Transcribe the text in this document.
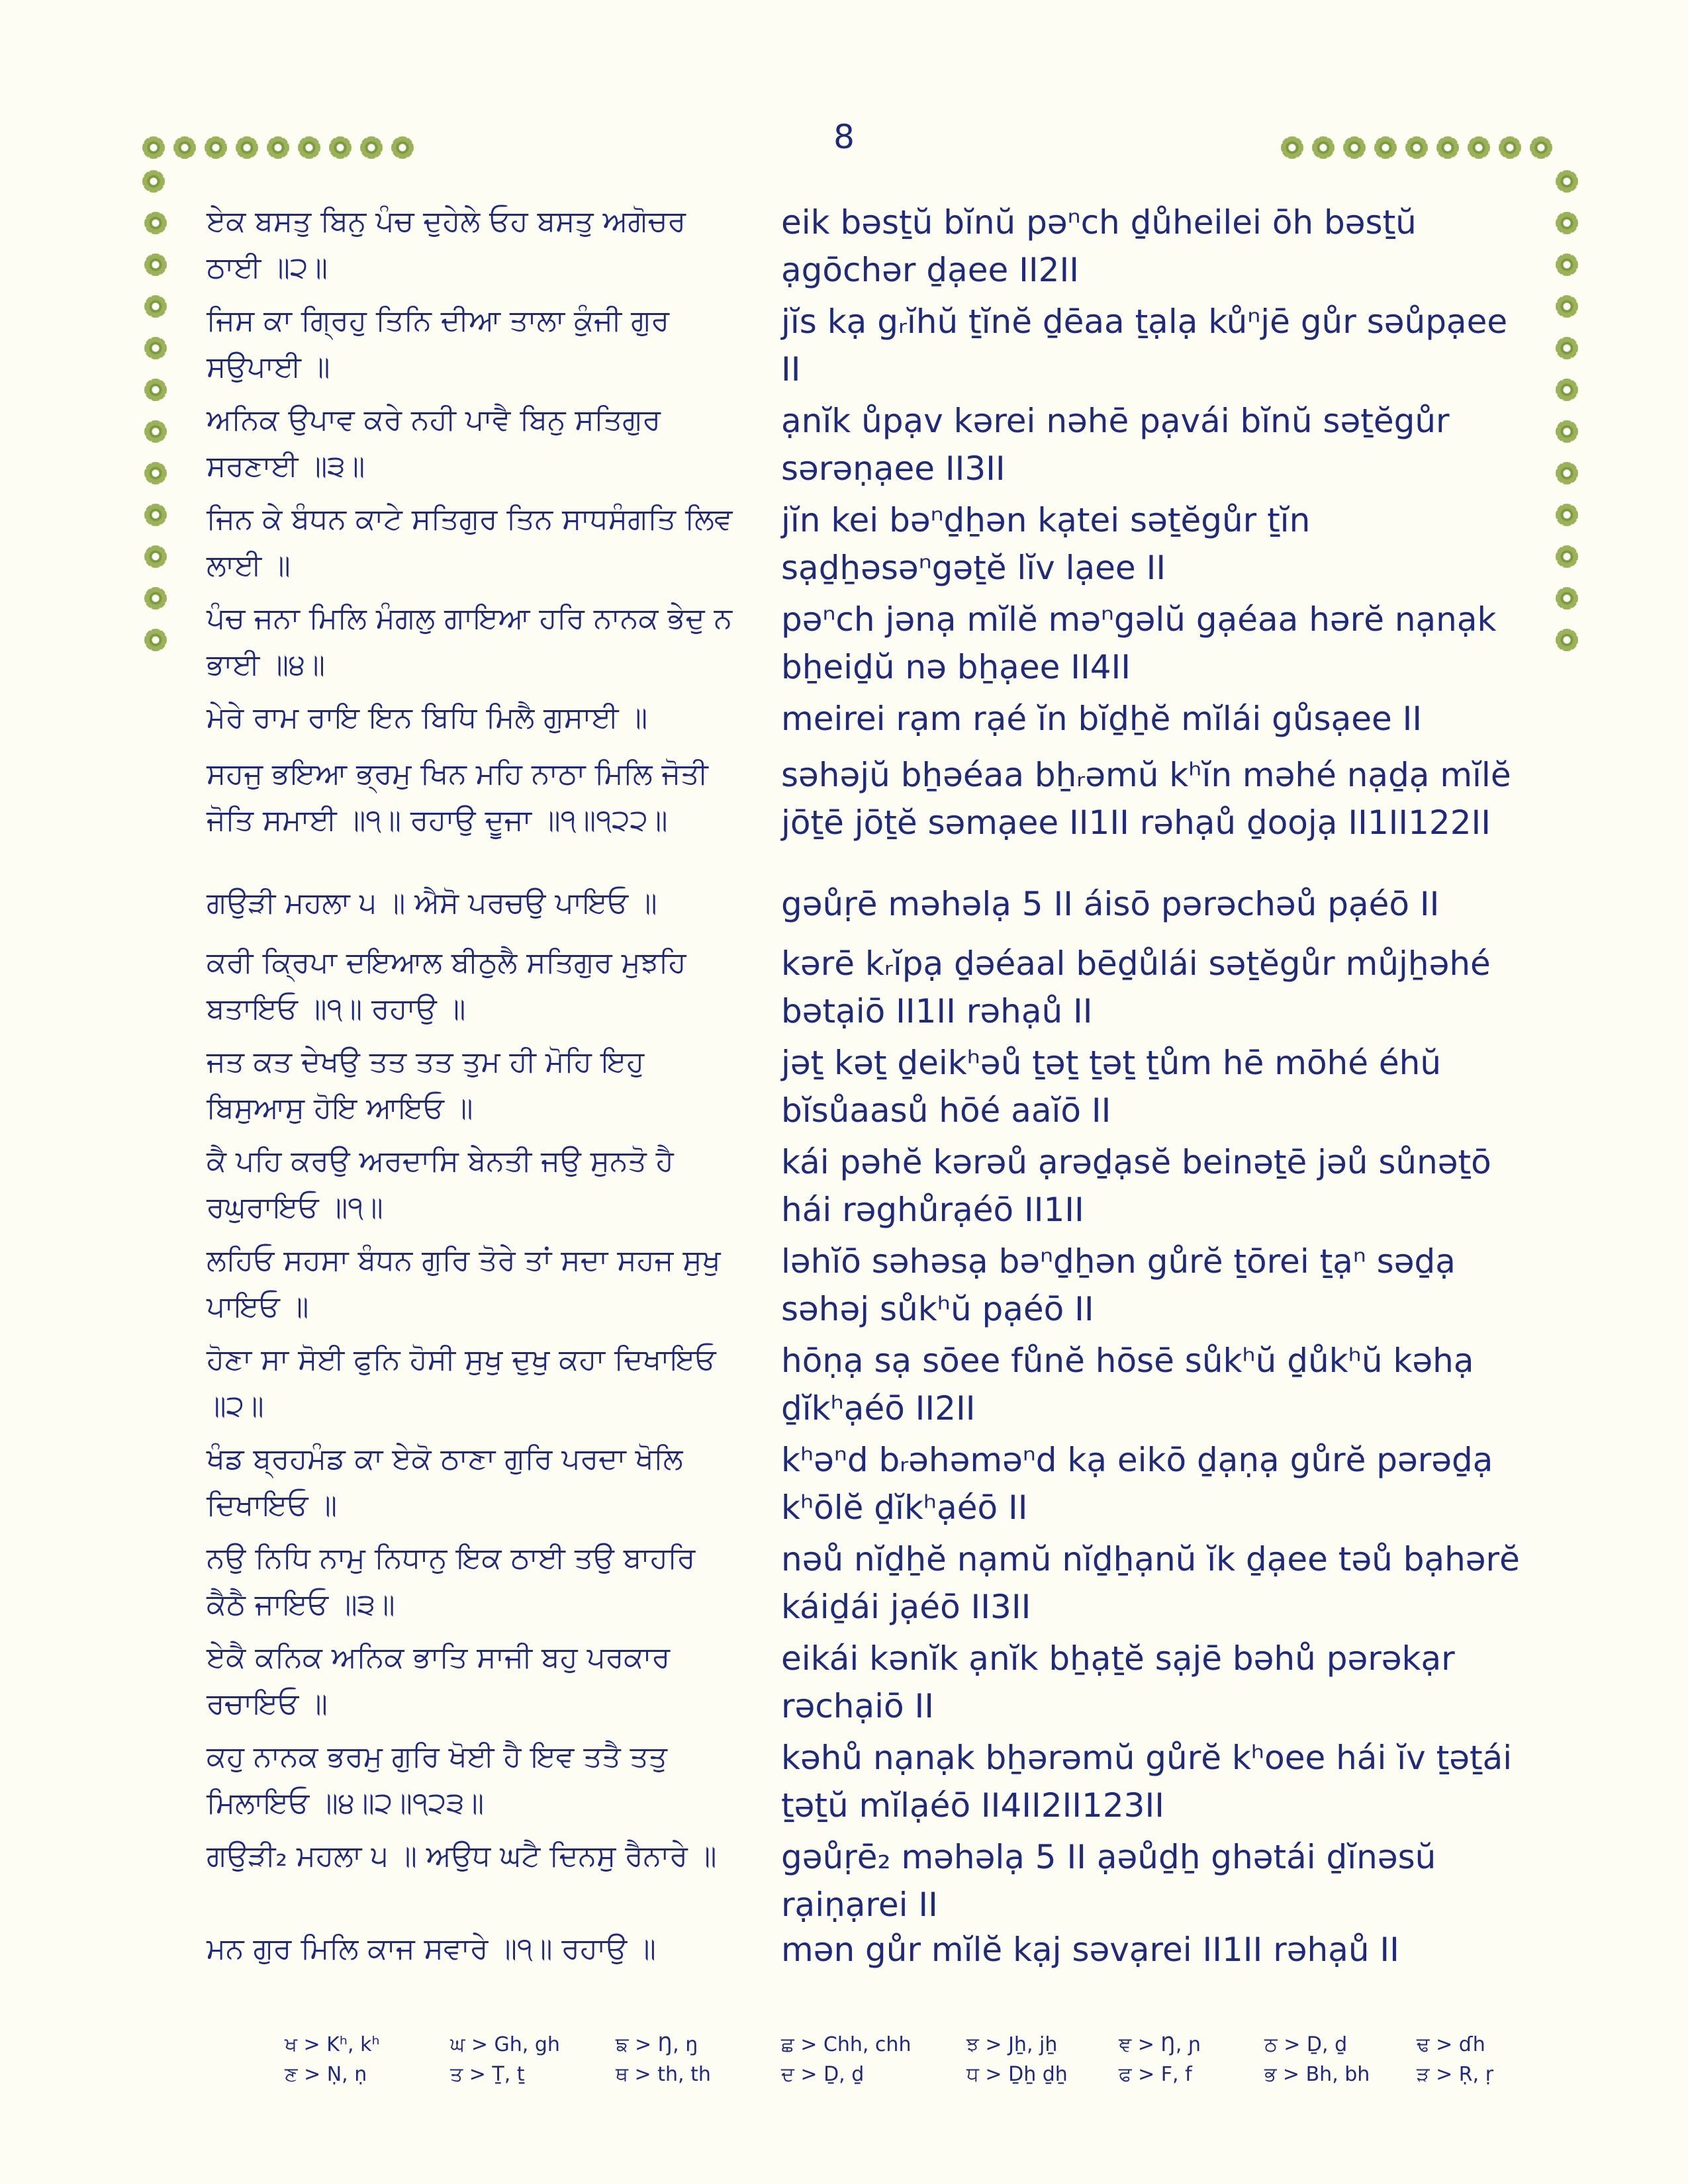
8
ਏਕ ਬਸਤੁ ਬਿਨੁ ਪੰਚ ਦੁਹੇਲੇ ਓਹ ਬਸਤੁ ਅਗੋਚਰ
ਠਾਈ ॥੨॥
eik bəsṯŭ bĭnŭ pəⁿch ḏůheilei ōh bəsṯŭ
ạgōchər ḏạee II2II
ਜਿਸ ਕਾ ਗ੍ਰਿਹੁ ਤਿਨਿ ਦੀਆ ਤਾਲਾ ਕੁੰਜੀ ਗੁਰ
ਸਉਪਾਈ ॥
jĭs kạ gᵣĭhŭ ṯĭnĕ ḏēaa ṯạlạ kůⁿjē gůr səůpạee
II
ਅਨਿਕ ਉਪਾਵ ਕਰੇ ਨਹੀ ਪਾਵੈ ਬਿਨੁ ਸਤਿਗੁਰ
ਸਰਣਾਈ ॥੩॥
ạnĭk ůpạv kərei nəhē pạvái bĭnŭ səṯĕgůr
sərəṇạee II3II
ਜਿਨ ਕੇ ਬੰਧਨ ਕਾਟੇ ਸਤਿਗੁਰ ਤਿਨ ਸਾਧਸੰਗਤਿ ਲਿਵ
ਲਾਈ ॥
jĭn kei bəⁿḏẖən kạtei səṯĕgůr ṯĭn
sạḏẖəsəⁿgəṯĕ lĭv lạee II
ਪੰਚ ਜਨਾ ਮਿਲਿ ਮੰਗਲੁ ਗਾਇਆ ਹਰਿ ਨਾਨਕ ਭੇਦੁ ਨ
ਭਾਈ ॥੪॥
pəⁿch jənạ mĭlĕ məⁿgəlŭ gạéaa hərĕ nạnạk
bẖeiḏŭ nə bẖạee II4II
ਮੇਰੇ ਰਾਮ ਰਾਇ ਇਨ ਬਿਧਿ ਮਿਲੈ ਗੁਸਾਈ ॥	meirei rạm rạé ĭn bĭḏẖĕ mĭlái gůsạee II
ਸਹਜੁ ਭਇਆ ਭ੍ਰਮੁ ਖਿਨ ਮਹਿ ਨਾਠਾ ਮਿਲਿ ਜੋਤੀ
ਜੋਤਿ ਸਮਾਈ ॥੧॥ ਰਹਾਉ ਦੂਜਾ ॥੧॥੧੨੨॥
səhəjŭ bẖəéaa bẖᵣəmŭ kʰĭn məhé nạḏạ mĭlĕ
jōṯē jōṯĕ səmạee II1II rəhạů ḏoojạ II1II122II
ਗਉੜੀ ਮਹਲਾ ੫ ॥ ਐਸੋ ਪਰਚਉ ਪਾਇਓ ॥	gəůṛē məhəlạ 5 II áisō pərəchəů pạéō II
ਕਰੀ ਕ੍ਰਿਪਾ ਦਇਆਲ ਬੀਠੁਲੈ ਸਤਿਗੁਰ ਮੁਝਹਿ
ਬਤਾਇਓ ॥੧॥ ਰਹਾਉ ॥
kərē kᵣĭpạ ḏəéaal bēḏůlái səṯĕgůr můjẖəhé
bətạiō II1II rəhạů II
ਜਤ ਕਤ ਦੇਖਉ ਤਤ ਤਤ ਤੁਮ ਹੀ ਮੋਹਿ ਇਹੁ
ਬਿਸੁਆਸੁ ਹੋਇ ਆਇਓ ॥
jəṯ kəṯ ḏeikʰəů ṯəṯ ṯəṯ ṯům hē mōhé éhŭ
bĭsůaasů hōé aaĭō II
ਕੈ ਪਹਿ ਕਰਉ ਅਰਦਾਸਿ ਬੇਨਤੀ ਜਉ ਸੁਨਤੋ ਹੈ
ਰਘੁਰਾਇਓ ॥੧॥
kái pəhĕ kərəů ạrəḏạsĕ beinəṯē jəů sůnəṯō
hái rəghůrạéō II1II
ਲਹਿਓ ਸਹਸਾ ਬੰਧਨ ਗੁਰਿ ਤੋਰੇ ਤਾਂ ਸਦਾ ਸਹਜ ਸੁਖੁ
ਪਾਇਓ ॥
ləhĭō səhəsạ bəⁿḏẖən gůrĕ ṯōrei ṯạⁿ səḏạ
səhəj sůkʰŭ pạéō II
ਹੋਣਾ ਸਾ ਸੋਈ ਫੁਨਿ ਹੋਸੀ ਸੁਖੁ ਦੁਖੁ ਕਹਾ ਦਿਖਾਇਓ
॥੨॥
hōṇạ sạ sōee fůnĕ hōsē sůkʰŭ ḏůkʰŭ kəhạ
ḏĭkʰạéō II2II
ਖੰਡ ਬ੍ਰਹਮੰਡ ਕਾ ਏਕੋ ਠਾਣਾ ਗੁਰਿ ਪਰਦਾ ਖੋਲਿ
ਦਿਖਾਇਓ ॥
kʰəⁿd bᵣəhəməⁿd kạ eikō ḏạṇạ gůrĕ pərəḏạ
kʰōlĕ ḏĭkʰạéō II
ਨਉ ਨਿਧਿ ਨਾਮੁ ਨਿਧਾਨੁ ਇਕ ਠਾਈ ਤਉ ਬਾਹਰਿ
ਕੈਠੈ ਜਾਇਓ ॥੩॥
nəů nĭḏẖĕ nạmŭ nĭḏẖạnŭ ĭk ḏạee təů bạhərĕ
káiḏái jạéō II3II
ਏਕੈ ਕਨਿਕ ਅਨਿਕ ਭਾਤਿ ਸਾਜੀ ਬਹੁ ਪਰਕਾਰ
ਰਚਾਇਓ ॥
eikái kənĭk ạnĭk bẖạṯĕ sạjē bəhů pərəkạr
rəchạiō II
ਕਹੁ ਨਾਨਕ ਭਰਮੁ ਗੁਰਿ ਖੋਈ ਹੈ ਇਵ ਤਤੈ ਤਤੁ
ਮਿਲਾਇਓ ॥੪॥੨॥੧੨੩॥
kəhů nạnạk bẖərəmŭ gůrĕ kʰoee hái ĭv ṯəṯái
ṯəṯŭ mĭlạéō II4II2II123II
ਗਉੜੀ₂ ਮਹਲਾ ੫ ॥ ਅਉਧ ਘਟੈ ਦਿਨਸੁ ਰੈਨਾਰੇ ॥	gəůṛē₂ məhəlạ 5 II ạəůḏẖ ghətái ḏĭnəsŭ
rạiṇạrei II
ਮਨ ਗੁਰ ਮਿਲਿ ਕਾਜ ਸਵਾਰੇ ॥੧॥ ਰਹਾਉ ॥	mən gůr mĭlĕ kạj səvạrei II1II rəhạů II
ਖ > Kʰ, kʰ	ਘ > Gh, gh	ਙ > Ŋ, ŋ	ਛ > Chh, chh	ਝ > Jẖ, jẖ	ਞ > Ŋ, ɲ	ਠ > Ḏ, ḏ	ਢ > ɗh
ਣ > Ṇ, ṇ	ਤ > Ṯ, ṯ	ਥ > th, th	ਦ > Ḏ, ḏ	ਧ > Ḏẖ ḏẖ	ਫ > F, f	ਭ > Bh, bh	ੜ > Ṛ, ṛ
